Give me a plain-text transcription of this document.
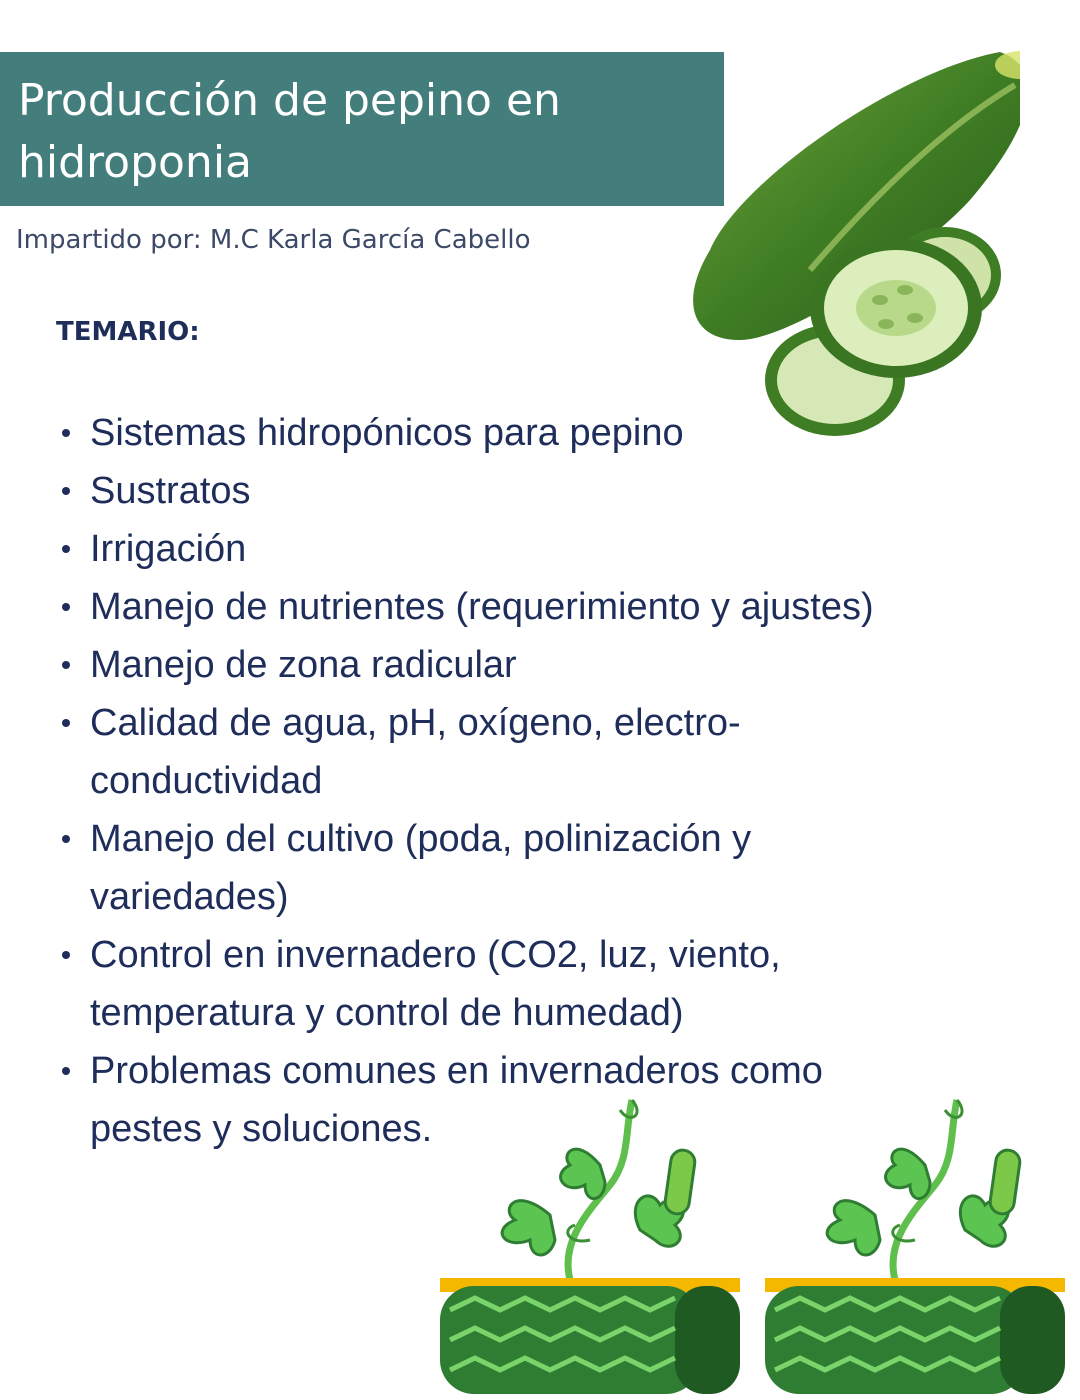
Producción de pepino en hidroponia
Impartido por: M.C Karla García Cabello
TEMARIO:
Sistemas hidropónicos para pepino
Sustratos
Irrigación
Manejo de nutrientes (requerimiento y ajustes)
Manejo de zona radicular
Calidad de agua, pH, oxígeno, electro-conductividad
Manejo del cultivo (poda, polinización y variedades)
Control en invernadero (CO2, luz, viento, temperatura y control de humedad)
Problemas comunes en invernaderos como pestes y soluciones.
